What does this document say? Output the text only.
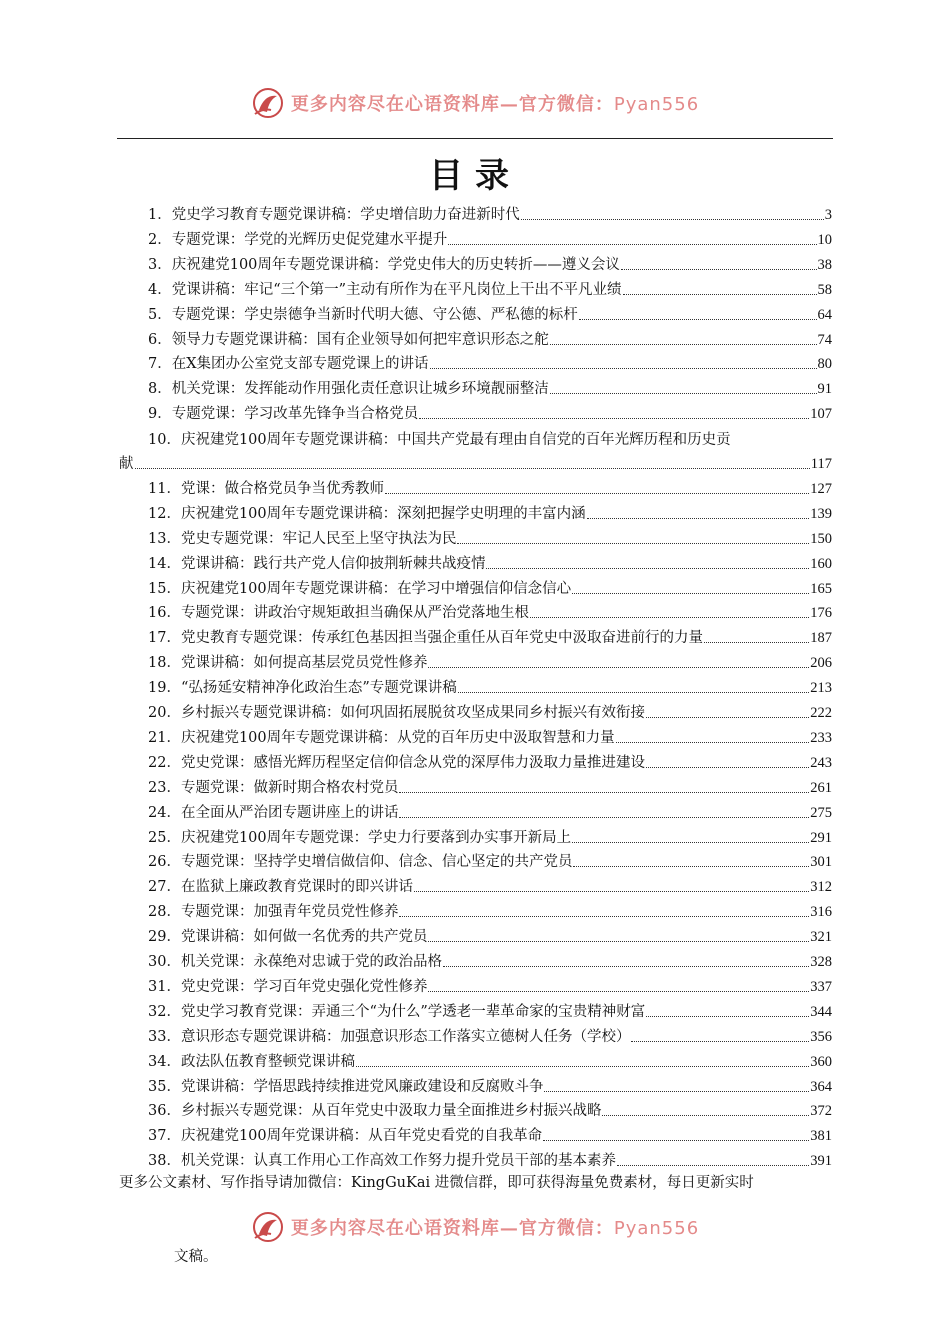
更多内容尽在心语资料库—官方微信：Pyan556
目录
1． 党史学习教育专题党课讲稿：学史增信助力奋进新时代	3
2． 专题党课：学党的光辉历史促党建水平提升	10
3． 庆祝建党100周年专题党课讲稿：学党史伟大的历史转折——遵义会议	38
4． 党课讲稿：牢记“三个第一”主动有所作为在平凡岗位上干出不平凡业绩	58
5． 专题党课：学史崇德争当新时代明大德、守公德、严私德的标杆	64
6． 领导力专题党课讲稿：国有企业领导如何把牢意识形态之舵	74
7． 在X集团办公室党支部专题党课上的讲话	80
8． 机关党课：发挥能动作用强化责任意识让城乡环境靓丽整洁	91
9． 专题党课：学习改革先锋争当合格党员	107
10．庆祝建党100周年专题党课讲稿：中国共产党最有理由自信党的百年光辉历程和历史贡
献	117
11． 党课：做合格党员争当优秀教师	127
12． 庆祝建党100周年专题党课讲稿：深刻把握学史明理的丰富内涵	139
13． 党史专题党课：牢记人民至上坚守执法为民	150
14． 党课讲稿：践行共产党人信仰披荆斩棘共战疫情	160
15． 庆祝建党100周年专题党课讲稿：在学习中增强信仰信念信心	165
16． 专题党课：讲政治守规矩敢担当确保从严治党落地生根	176
17． 党史教育专题党课：传承红色基因担当强企重任从百年党史中汲取奋进前行的力量	187
18． 党课讲稿：如何提高基层党员党性修养	206
19． “弘扬延安精神净化政治生态”专题党课讲稿	213
20． 乡村振兴专题党课讲稿：如何巩固拓展脱贫攻坚成果同乡村振兴有效衔接	222
21． 庆祝建党100周年专题党课讲稿：从党的百年历史中汲取智慧和力量	233
22． 党史党课：感悟光辉历程坚定信仰信念从党的深厚伟力汲取力量推进建设	243
23． 专题党课：做新时期合格农村党员	261
24． 在全面从严治团专题讲座上的讲话	275
25． 庆祝建党100周年专题党课：学史力行要落到办实事开新局上	291
26． 专题党课：坚持学史增信做信仰、信念、信心坚定的共产党员	301
27． 在监狱上廉政教育党课时的即兴讲话	312
28． 专题党课：加强青年党员党性修养	316
29． 党课讲稿：如何做一名优秀的共产党员	321
30． 机关党课：永葆绝对忠诚于党的政治品格	328
31． 党史党课：学习百年党史强化党性修养	337
32． 党史学习教育党课：弄通三个“为什么”学透老一辈革命家的宝贵精神财富	344
33． 意识形态专题党课讲稿：加强意识形态工作落实立德树人任务（学校）	356
34． 政法队伍教育整顿党课讲稿	360
35． 党课讲稿：学悟思践持续推进党风廉政建设和反腐败斗争	364
36． 乡村振兴专题党课：从百年党史中汲取力量全面推进乡村振兴战略	372
37． 庆祝建党100周年党课讲稿：从百年党史看党的自我革命	381
38． 机关党课：认真工作用心工作高效工作努力提升党员干部的基本素养	391
更多公文素材、写作指导请加微信：KingGuKai 进微信群，即可获得海量免费素材，每日更新实时
更多内容尽在心语资料库—官方微信：Pyan556
文稿。
